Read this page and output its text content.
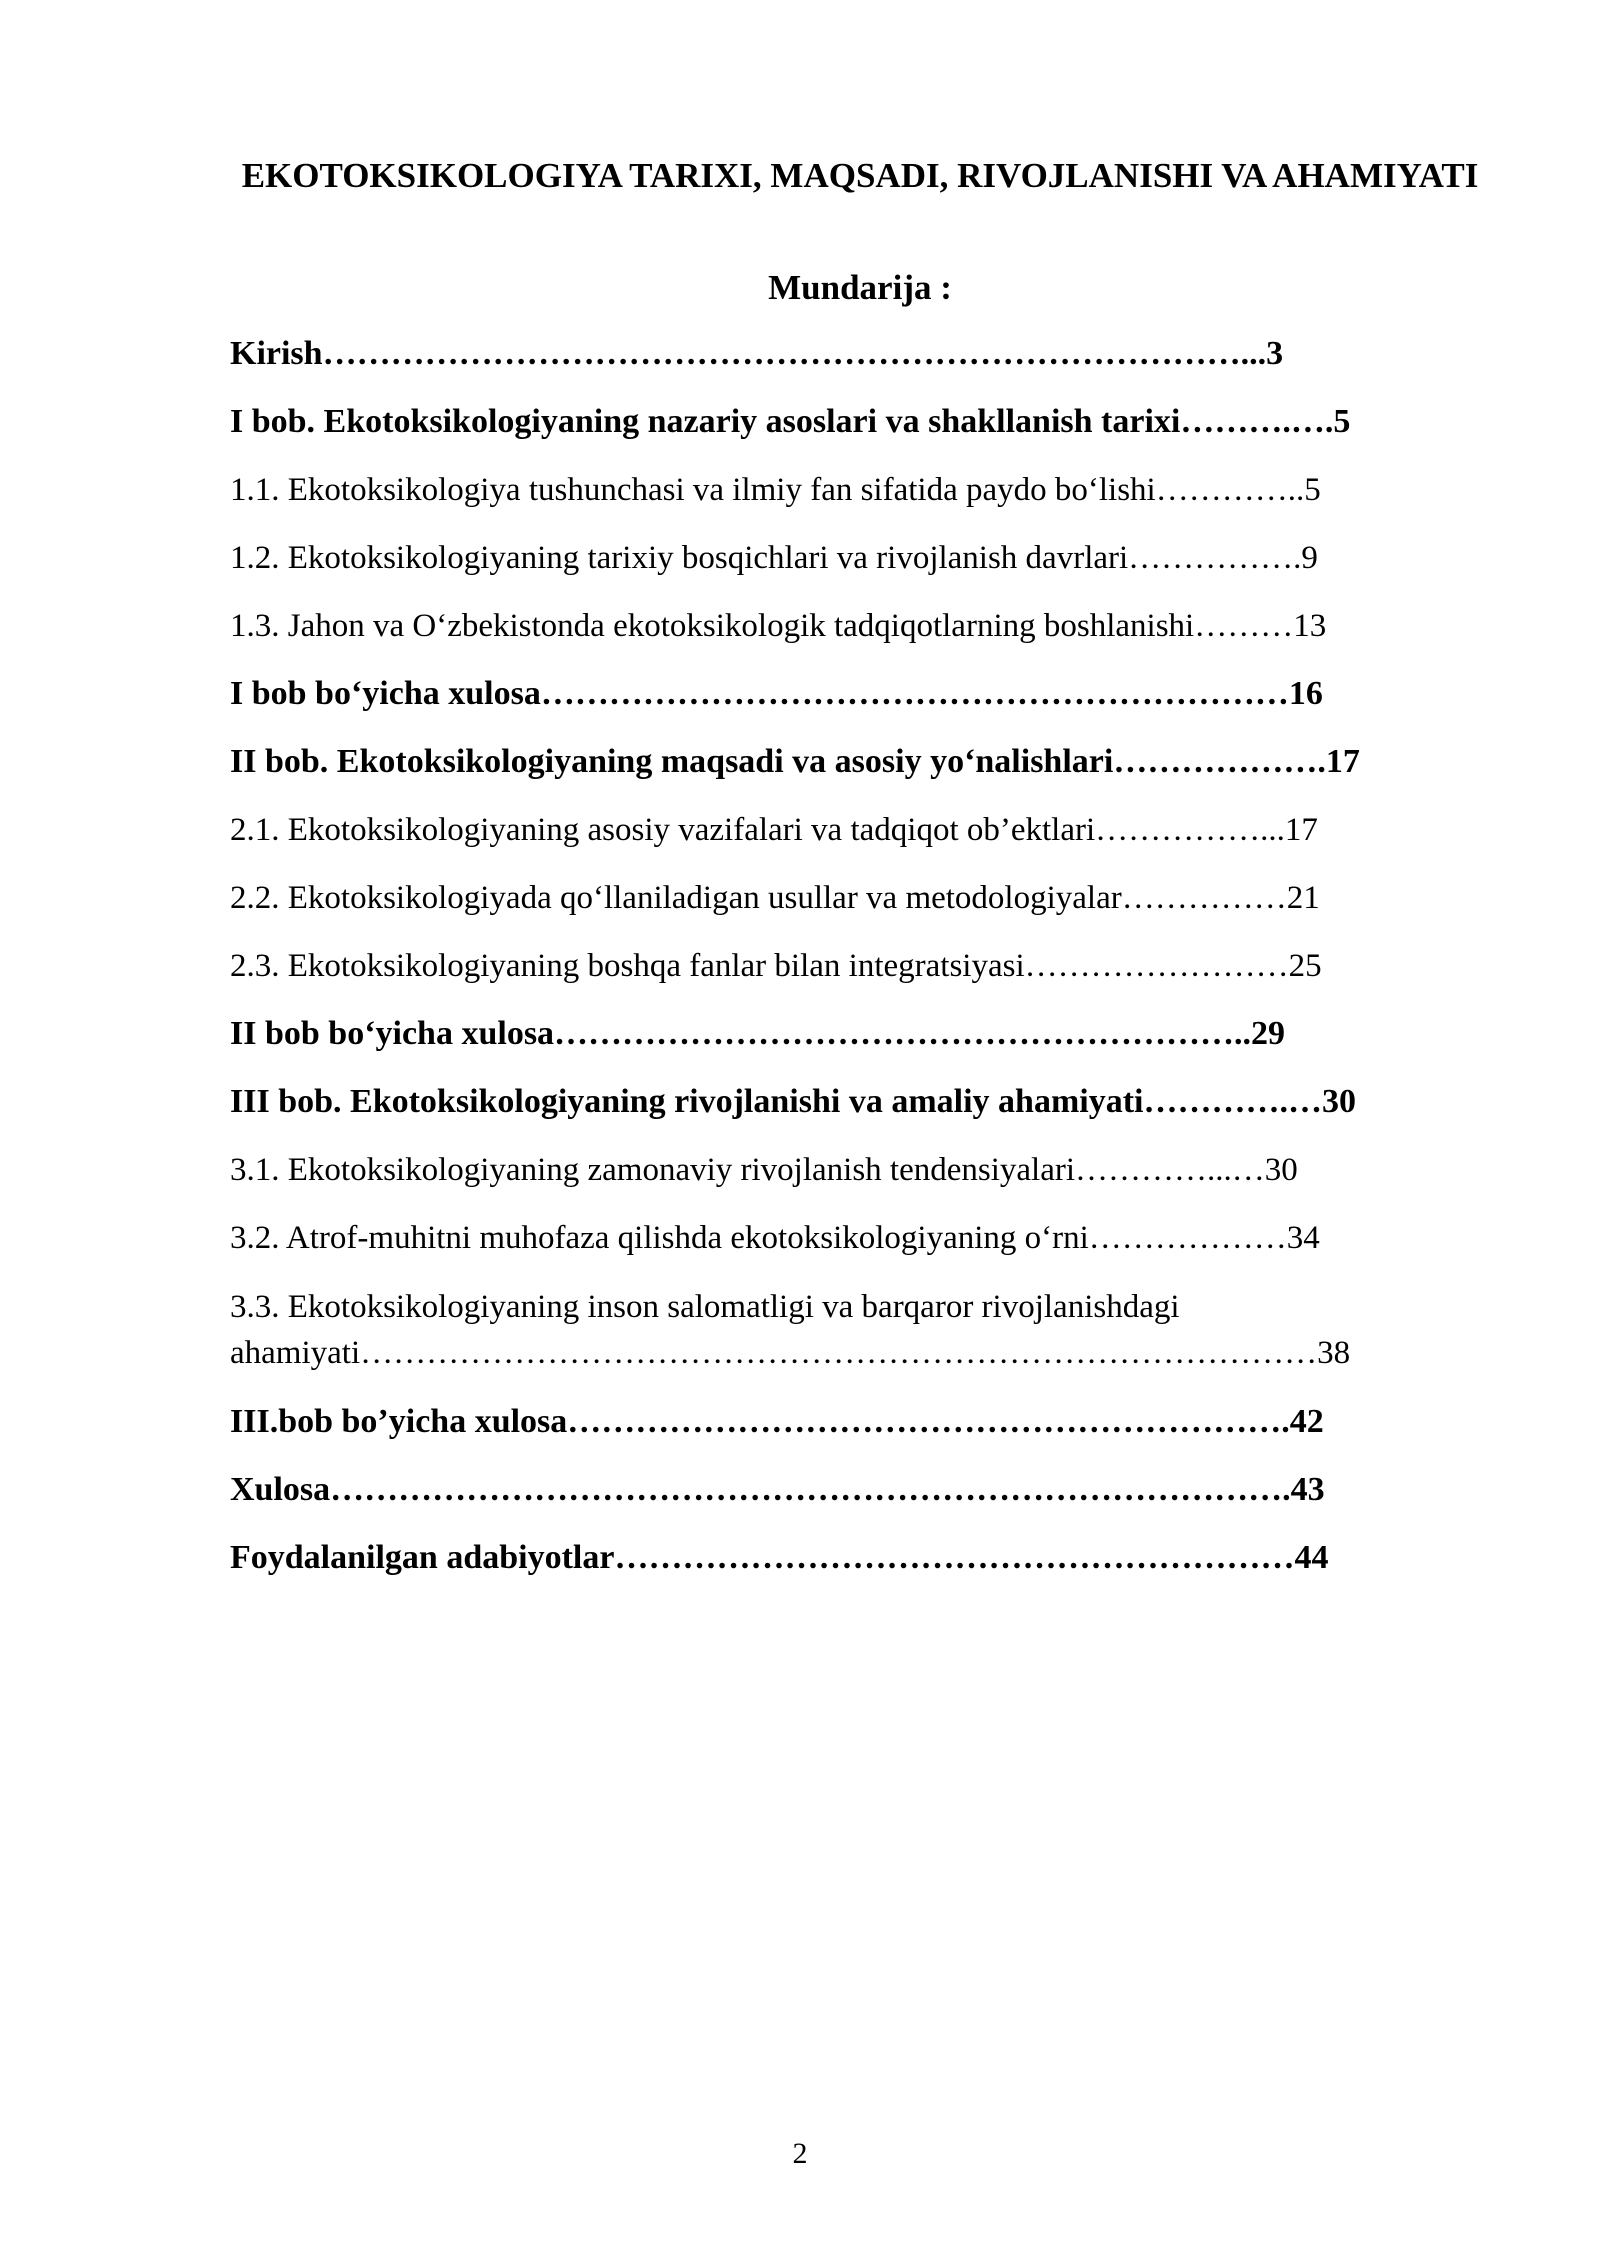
EKOTOKSIKOLOGIYA TARIXI, MAQSADI, RIVOJLANISHI VA AHAMIYATI
Mundarija :
Kirish………………………………………………………………………...3
I bob. Ekotoksikologiyaning nazariy asoslari va shakllanish tarixi……….….5
1.1. Ekotoksikologiya tushunchasi va ilmiy fan sifatida paydo bo‘lishi…………..5
1.2. Ekotoksikologiyaning tarixiy bosqichlari va rivojlanish davrlari…………….9
1.3. Jahon va O‘zbekistonda ekotoksikologik tadqiqotlarning boshlanishi………13
I bob bo‘yicha xulosa…………………………………………………………16
II bob. Ekotoksikologiyaning maqsadi va asosiy yo‘nalishlari……………….17
2.1. Ekotoksikologiyaning asosiy vazifalari va tadqiqot ob’ektlari……………...17
2.2. Ekotoksikologiyada qo‘llaniladigan usullar va metodologiyalar……………21
2.3. Ekotoksikologiyaning boshqa fanlar bilan integratsiyasi……………………25
II bob bo‘yicha xulosa……………………………………………………..29
III bob. Ekotoksikologiyaning rivojlanishi va amaliy ahamiyati………….…30
3.1. Ekotoksikologiyaning zamonaviy rivojlanish tendensiyalari…………...…30
3.2. Atrof-muhitni muhofaza qilishda ekotoksikologiyaning o‘rni………………34
3.3. Ekotoksikologiyaning inson salomatligi va barqaror rivojlanishdagi ahamiyati……………………………………………………………………………38
III.bob bo’yicha xulosa……………………………………………………….42
Xulosa………………………………………………………………………….43
Foydalanilgan adabiyotlar……………………………………………………44
2
